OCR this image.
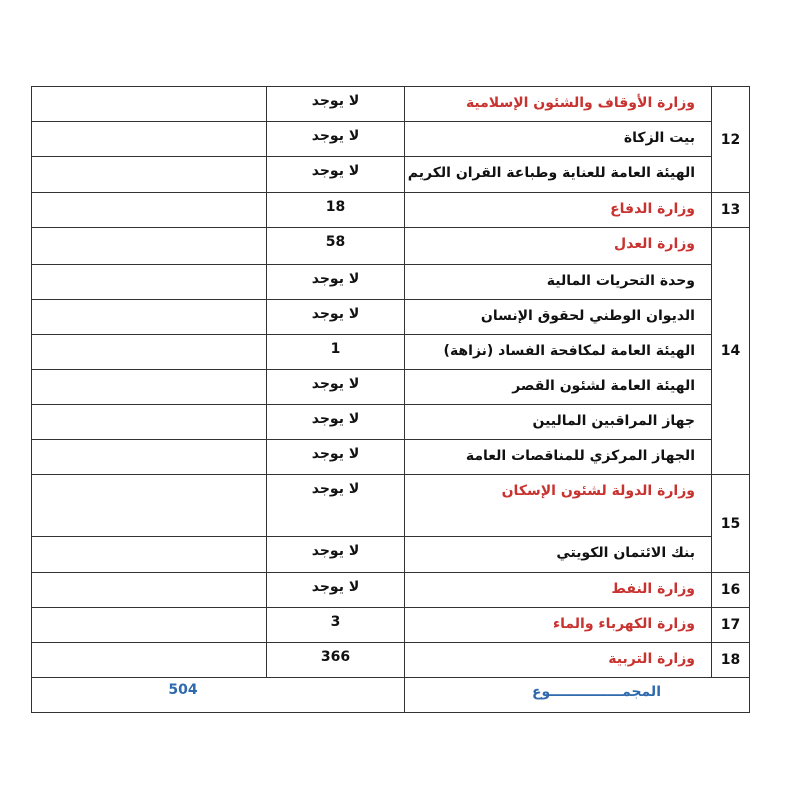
	لا يوجد	وزارة الأوقاف والشئون الإسلامية	12
	لا يوجد	بيت الزكاة	
	لا يوجد	الهيئة العامة للعناية وطباعة القران الكريم	
	18	وزارة الدفاع	13
	58	وزارة العدل	14
	لا يوجد	وحدة التحريات المالية	
	لا يوجد	الديوان الوطني لحقوق الإنسان	
	1	الهيئة العامة لمكافحة الفساد (نزاهة)	
	لا يوجد	الهيئة العامة لشئون القصر	
	لا يوجد	جهاز المراقبين الماليين	
	لا يوجد	الجهاز المركزي للمناقصات العامة	
	لا يوجد	وزارة الدولة لشئون الإسكان	15
	لا يوجد	بنك الائتمان الكويتي	
	لا يوجد	وزارة النفط	16
	3	وزارة الكهرباء والماء	17
	366	وزارة التربية	18
504		المجمـــــــــــــــوع	
